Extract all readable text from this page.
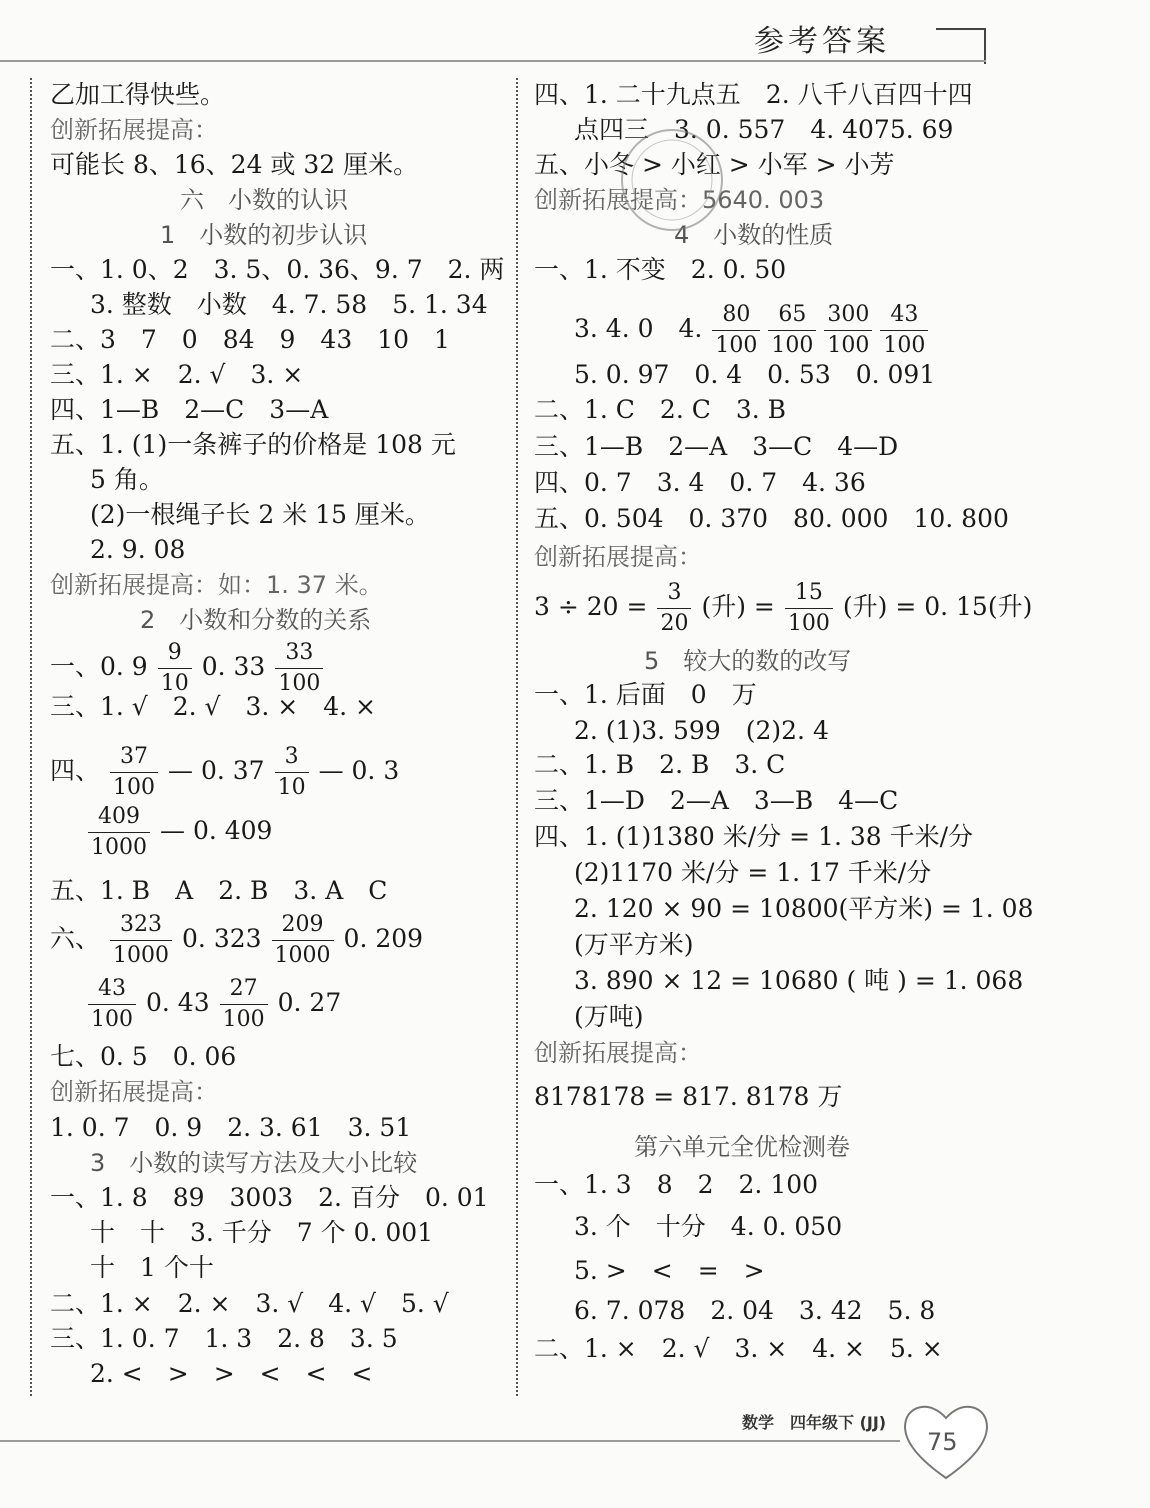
参考答案
乙加工得快些。
创新拓展提高：
可能长 8、16、24 或 32 厘米。
六　小数的认识
1　小数的初步认识
一、1. 0、2　3. 5、0. 36、9. 7　2. 两
3. 整数　小数　4. 7. 58　5. 1. 34
二、3　7　0　84　9　43　10　1
三、1. ×　2. √　3. ×
四、1—B　2—C　3—A
五、1. (1)一条裤子的价格是 108 元
5 角。
(2)一根绳子长 2 米 15 厘米。
2. 9. 08
创新拓展提高：如：1. 37 米。
2　小数和分数的关系
一、0. $9 \frac{9}{10} 0$. $33 \frac{33}{100}$
三、1. √　2. √　3. ×　4. ×
四、 $\frac{37}{100}$ — 0. $37 \frac{3}{10}$ — 0. 3
$\frac{409}{1000}$ — 0. 409
五、1. B　A　2. B　3. A　C
六、 $\frac{323}{1000} 0$. $323 \frac{209}{1000} 0$. 209
$\frac{43}{100} 0$. $43 \frac{27}{100} 0$. 27
七、0. 5　0. 06
创新拓展提高：
1. 0. 7　0. 9　2. 3. 61　3. 51
3　小数的读写方法及大小比较
一、1. 8　89　3003　2. 百分　0. 01
十　十　3. 千分　7 个 0. 001
十　1 个十
二、1. ×　2. ×　3. √　4. √　5. √
三、1. 0. 7　1. 3　2. 8　3. 5
2. <　>　>　<　<　<
四、1. 二十九点五　2. 八千八百四十四
点四三　3. 0. 557　4. 4075. 69
五、小冬 > 小红 > 小军 > 小芳
创新拓展提高：5640. 003
4　小数的性质
一、1. 不变　2. 0. 50
3. 4. 0　4. $\frac{80}{100} \frac{65}{100} \frac{300}{100} \frac{43}{100}$
5. 0. 97　0. 4　0. 53　0. 091
二、1. C　2. C　3. B
三、1—B　2—A　3—C　4—D
四、0. 7　3. 4　0. 7　4. 36
五、0. 504　0. 370　80. 000　10. 800
创新拓展提高：
$3 \div 20 = \frac{3}{20}$ (升) = $\frac{15}{100}$ (升) = 0. 15(升)
5　较大的数的改写
一、1. 后面　0　万
2. (1)3. 599　(2)2. 4
二、1. B　2. B　3. C
三、1—D　2—A　3—B　4—C
四、1. (1)1380 米/分 = 1. 38 千米/分
(2)1170 米/分 = 1. 17 千米/分
2. 120 × 90 = 10800(平方米) = 1. 08
(万平方米)
3. 890 × 12 = 10680 ( 吨 ) = 1. 068
(万吨)
创新拓展提高：
8178178 = 817. 8178 万
第六单元全优检测卷
一、1. 3　8　2　2. 100
3. 个　十分　4. 0. 050
5. >　<　=　>
6. 7. 078　2. 04　3. 42　5. 8
二、1. ×　2. √　3. ×　4. ×　5. ×
数学　四年级下 (JJ)
75
